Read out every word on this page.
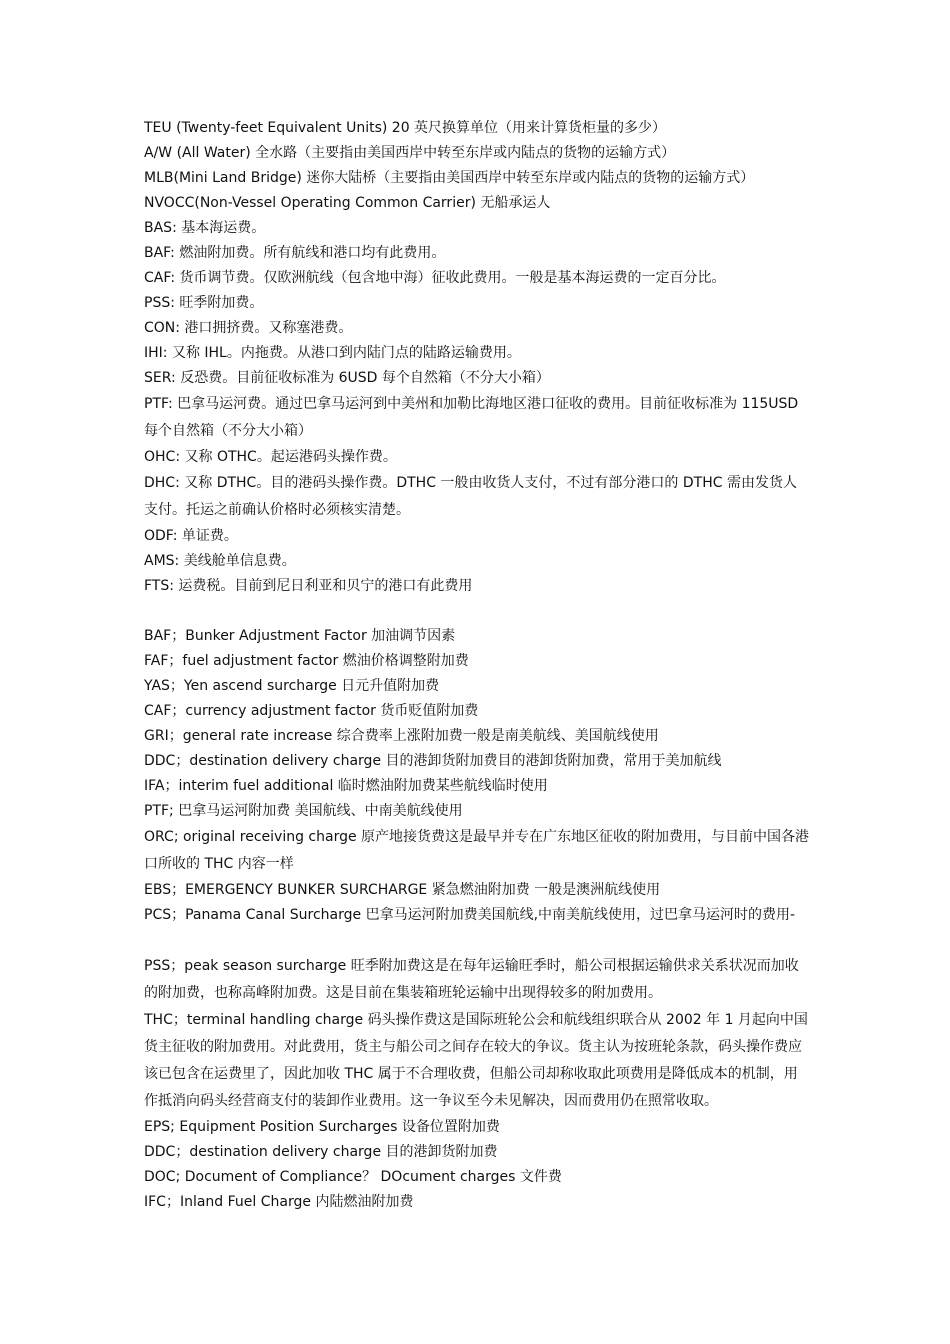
TEU (Twenty-feet Equivalent Units) 20 英尺换算单位（用来计算货柜量的多少）

A/W (All Water) 全水路（主要指由美国西岸中转至东岸或内陆点的货物的运输方式）

MLB(Mini Land Bridge) 迷你大陆桥（主要指由美国西岸中转至东岸或内陆点的货物的运输方式）

NVOCC(Non-Vessel Operating Common Carrier) 无船承运人

BAS: 基本海运费。

BAF: 燃油附加费。所有航线和港口均有此费用。

CAF: 货币调节费。仅欧洲航线（包含地中海）征收此费用。一般是基本海运费的一定百分比。

PSS: 旺季附加费。

CON: 港口拥挤费。又称塞港费。

IHI: 又称 IHL。内拖费。从港口到内陆门点的陆路运输费用。

SER: 反恐费。目前征收标准为 6USD 每个自然箱（不分大小箱）

PTF: 巴拿马运河费。通过巴拿马运河到中美州和加勒比海地区港口征收的费用。目前征收标准为 115USD 每个自然箱（不分大小箱）

OHC: 又称 OTHC。起运港码头操作费。

DHC: 又称 DTHC。目的港码头操作费。DTHC 一般由收货人支付，不过有部分港口的 DTHC 需由发货人支付。托运之前确认价格时必须核实清楚。

ODF: 单证费。

AMS: 美线舱单信息费。

FTS: 运费税。目前到尼日利亚和贝宁的港口有此费用

BAF；Bunker Adjustment Factor 加油调节因素

FAF；fuel adjustment factor 燃油价格调整附加费

YAS；Yen ascend surcharge 日元升值附加费

CAF；currency adjustment factor 货币贬值附加费

GRI；general rate increase 综合费率上涨附加费一般是南美航线、美国航线使用

DDC；destination delivery charge 目的港卸货附加费目的港卸货附加费，常用于美加航线

IFA；interim fuel additional 临时燃油附加费某些航线临时使用

PTF; 巴拿马运河附加费 美国航线、中南美航线使用

ORC; original receiving charge 原产地接货费这是最早并专在广东地区征收的附加费用，与目前中国各港口所收的 THC 内容一样

EBS；EMERGENCY BUNKER SURCHARGE 紧急燃油附加费 一般是澳洲航线使用

PCS；Panama Canal Surcharge 巴拿马运河附加费美国航线,中南美航线使用，过巴拿马运河时的费用-

PSS；peak season surcharge 旺季附加费这是在每年运输旺季时，船公司根据运输供求关系状况而加收的附加费，也称高峰附加费。这是目前在集装箱班轮运输中出现得较多的附加费用。

THC；terminal handling charge 码头操作费这是国际班轮公会和航线组织联合从 2002 年 1 月起向中国货主征收的附加费用。对此费用，货主与船公司之间存在较大的争议。货主认为按班轮条款，码头操作费应该已包含在运费里了，因此加收 THC 属于不合理收费，但船公司却称收取此项费用是降低成本的机制，用作抵消向码头经营商支付的装卸作业费用。这一争议至今未见解决，因而费用仍在照常收取。

EPS; Equipment Position Surcharges 设备位置附加费

DDC；destination delivery charge 目的港卸货附加费

DOC; Document of Compliance？ DOcument charges 文件费

IFC；Inland Fuel Charge 内陆燃油附加费
